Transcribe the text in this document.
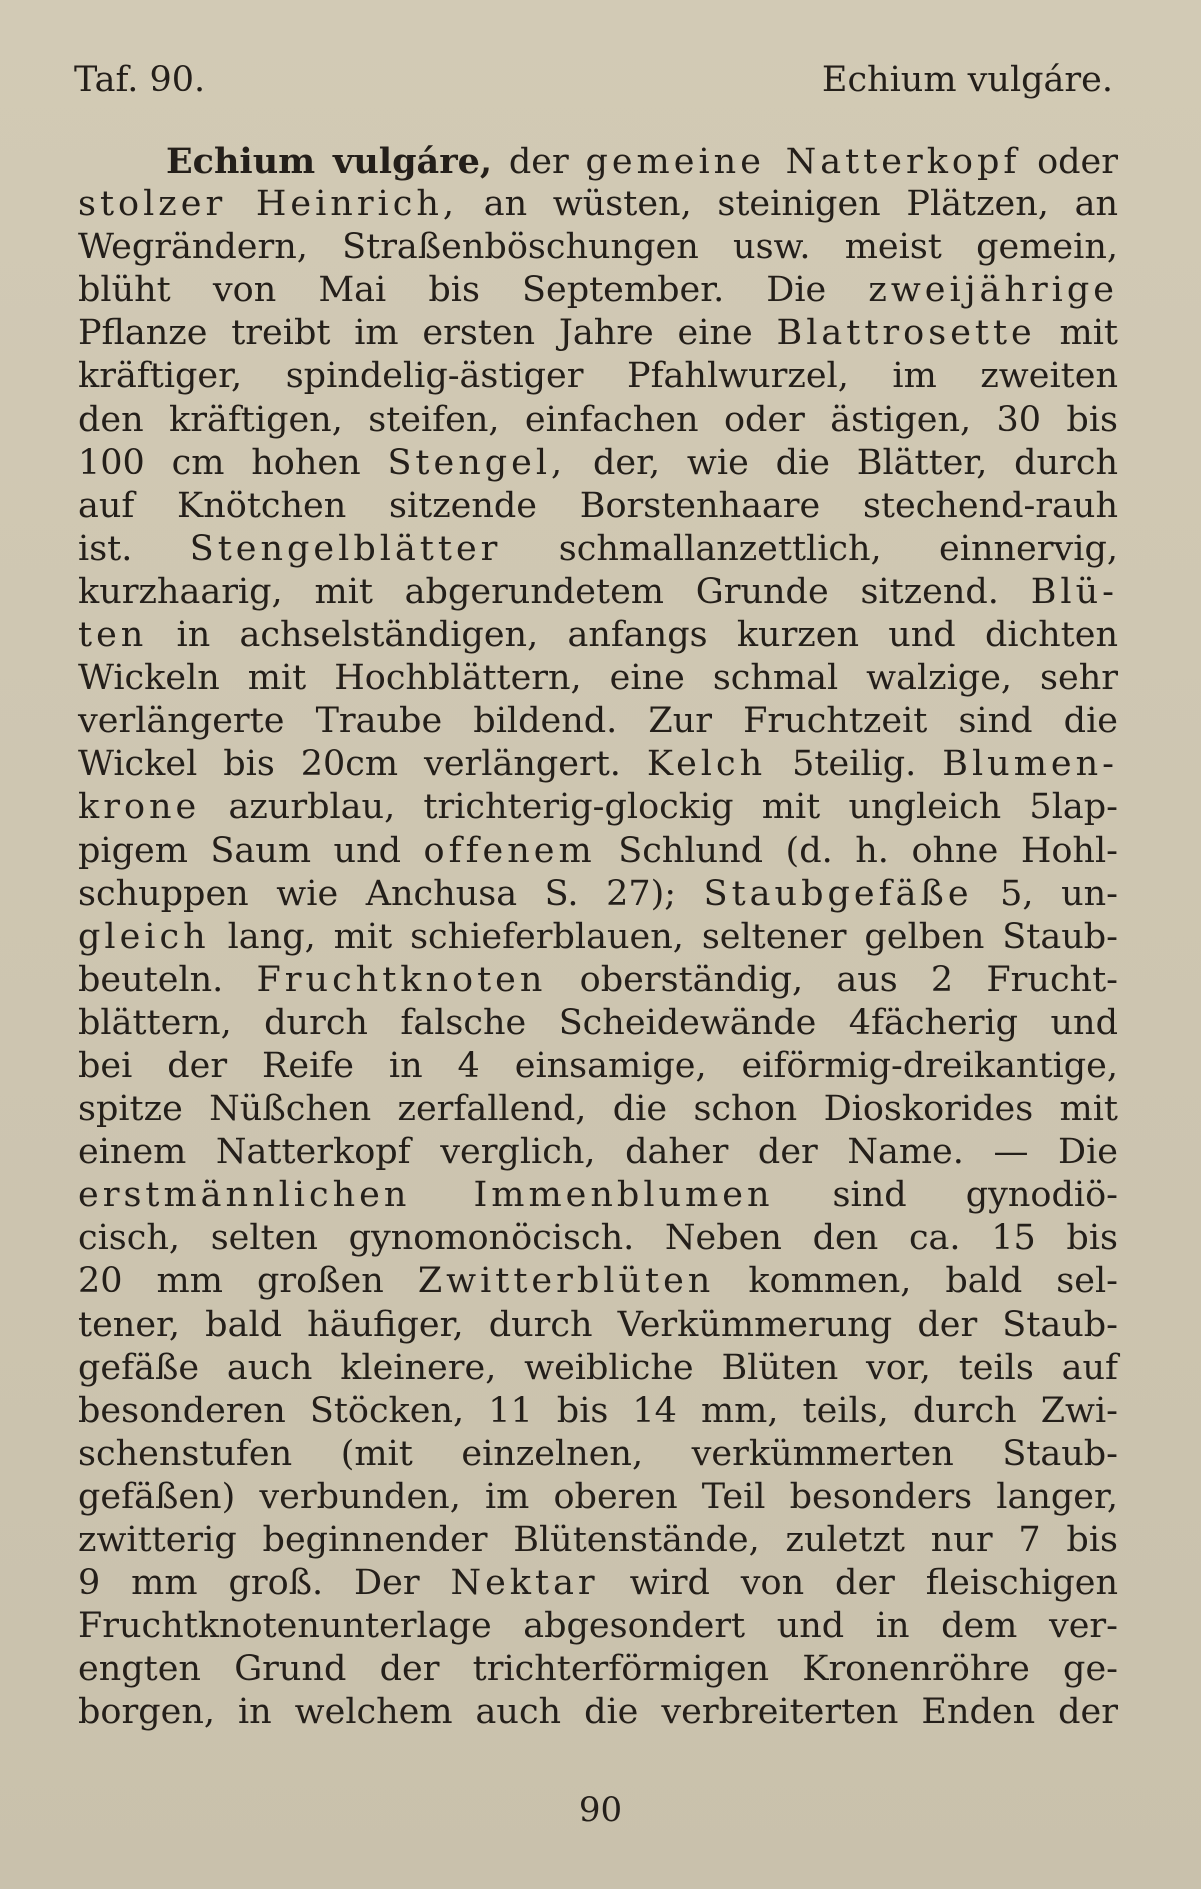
Taf. 90.	Echium vulgáre.
Echium vulgáre, der gemeine Natterkopf oder
stolzer Heinrich, an wüsten, steinigen Plätzen, an
Wegrändern, Straßenböschungen usw. meist gemein,
blüht von Mai bis September. Die zweijährige
Pflanze treibt im ersten Jahre eine Blattrosette mit
kräftiger, spindelig-ästiger Pfahlwurzel, im zweiten
den kräftigen, steifen, einfachen oder ästigen, 30 bis
100 cm hohen Stengel, der, wie die Blätter, durch
auf Knötchen sitzende Borstenhaare stechend-rauh
ist. Stengelblätter schmallanzettlich, einnervig,
kurzhaarig, mit abgerundetem Grunde sitzend. Blü-
ten in achselständigen, anfangs kurzen und dichten
Wickeln mit Hochblättern, eine schmal walzige, sehr
verlängerte Traube bildend. Zur Fruchtzeit sind die
Wickel bis 20cm verlängert. Kelch 5teilig. Blumen-
krone azurblau, trichterig-glockig mit ungleich 5lap-
pigem Saum und offenem Schlund (d. h. ohne Hohl-
schuppen wie Anchusa S. 27); Staubgefäße 5, un-
gleich lang, mit schieferblauen, seltener gelben Staub-
beuteln. Fruchtknoten oberständig, aus 2 Frucht-
blättern, durch falsche Scheidewände 4fächerig und
bei der Reife in 4 einsamige, eiförmig-dreikantige,
spitze Nüßchen zerfallend, die schon Dioskorides mit
einem Natterkopf verglich, daher der Name. — Die
erstmännlichen Immenblumen sind gynodiö-
cisch, selten gynomonöcisch. Neben den ca. 15 bis
20 mm großen Zwitterblüten kommen, bald sel-
tener, bald häufiger, durch Verkümmerung der Staub-
gefäße auch kleinere, weibliche Blüten vor, teils auf
besonderen Stöcken, 11 bis 14 mm, teils, durch Zwi-
schenstufen (mit einzelnen, verkümmerten Staub-
gefäßen) verbunden, im oberen Teil besonders langer,
zwitterig beginnender Blütenstände, zuletzt nur 7 bis
9 mm groß. Der Nektar wird von der fleischigen
Fruchtknotenunterlage abgesondert und in dem ver-
engten Grund der trichterförmigen Kronenröhre ge-
borgen, in welchem auch die verbreiterten Enden der
90
